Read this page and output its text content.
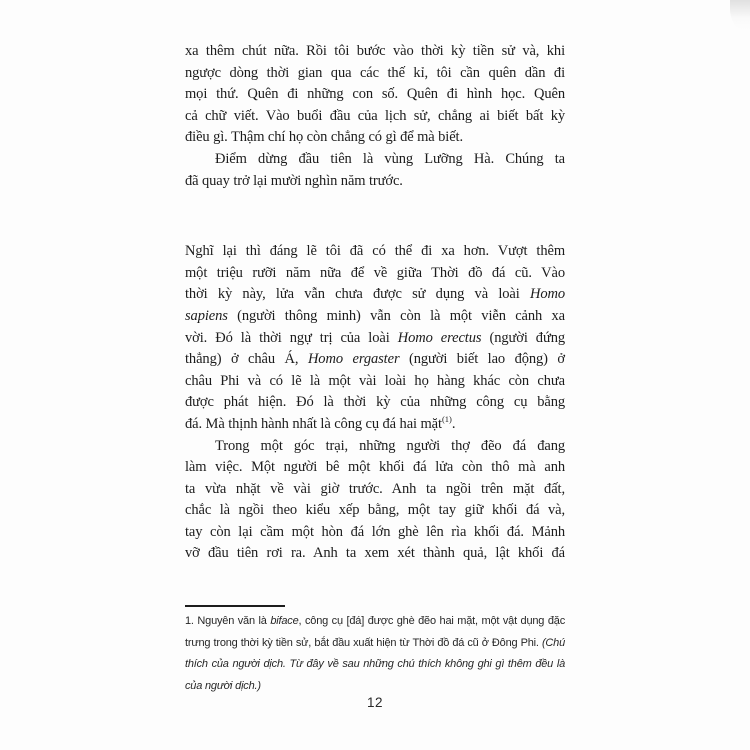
xa thêm chút nữa. Rồi tôi bước vào thời kỳ tiền sử và, khi
ngược dòng thời gian qua các thế kỉ, tôi cần quên dần đi
mọi thứ. Quên đi những con số. Quên đi hình học. Quên
cả chữ viết. Vào buổi đầu của lịch sử, chẳng ai biết bất kỳ
điều gì. Thậm chí họ còn chẳng có gì để mà biết.
Điểm dừng đầu tiên là vùng Lưỡng Hà. Chúng ta
đã quay trở lại mười nghìn năm trước.
Nghĩ lại thì đáng lẽ tôi đã có thể đi xa hơn. Vượt thêm
một triệu rưỡi năm nữa để về giữa Thời đồ đá cũ. Vào
thời kỳ này, lửa vẫn chưa được sử dụng và loài Homo
sapiens (người thông minh) vẫn còn là một viễn cảnh xa
vời. Đó là thời ngự trị của loài Homo erectus (người đứng
thẳng) ở châu Á, Homo ergaster (người biết lao động) ở
châu Phi và có lẽ là một vài loài họ hàng khác còn chưa
được phát hiện. Đó là thời kỳ của những công cụ bằng
đá. Mà thịnh hành nhất là công cụ đá hai mặt$^{(1)}$.
Trong một góc trại, những người thợ đẽo đá đang
làm việc. Một người bê một khối đá lửa còn thô mà anh
ta vừa nhặt về vài giờ trước. Anh ta ngồi trên mặt đất,
chắc là ngồi theo kiểu xếp bằng, một tay giữ khối đá và,
tay còn lại cầm một hòn đá lớn ghè lên rìa khối đá. Mảnh
vỡ đầu tiên rơi ra. Anh ta xem xét thành quả, lật khối đá
1. Nguyên văn là biface, công cụ [đá] được ghè đẽo hai mặt, một vật dụng đặc
trưng trong thời kỳ tiền sử, bắt đầu xuất hiện từ Thời đồ đá cũ ở Đông Phi. (Chú
thích của người dịch. Từ đây về sau những chú thích không ghi gì thêm đều là
của người dịch.)
12
